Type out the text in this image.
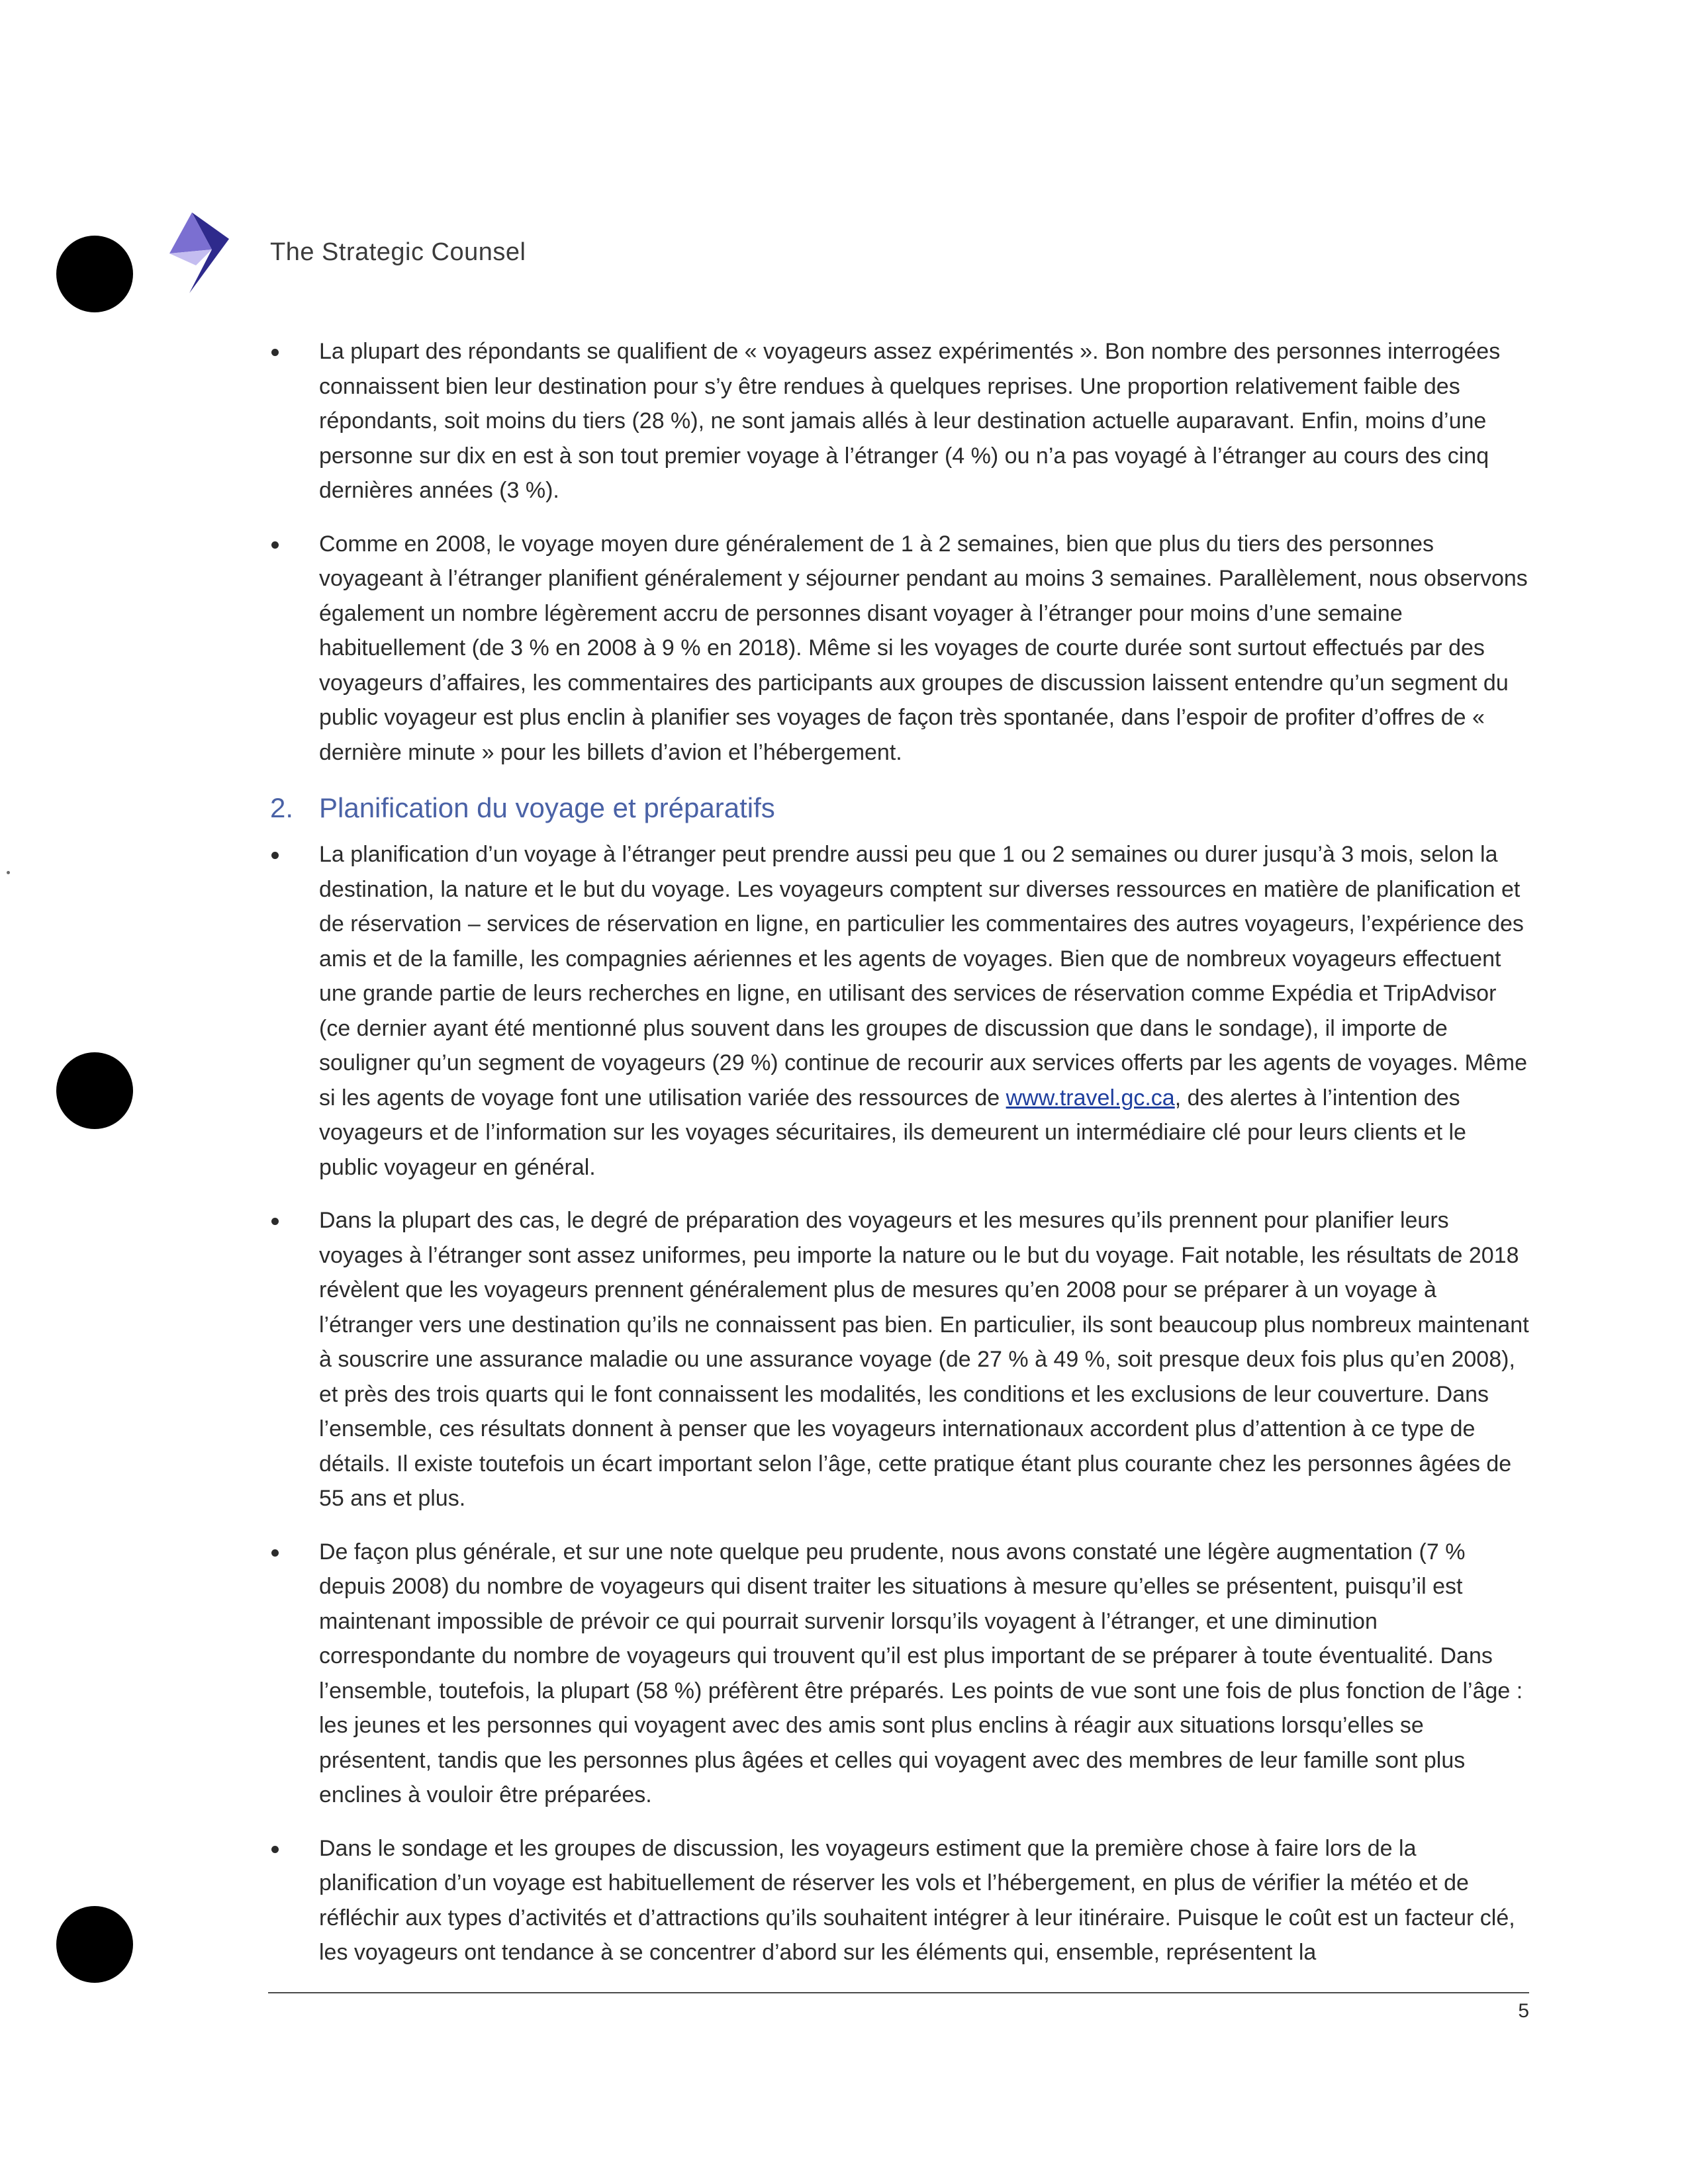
The Strategic Counsel
La plupart des répondants se qualifient de « voyageurs assez expérimentés ». Bon nombre des personnes interrogées connaissent bien leur destination pour s’y être rendues à quelques reprises. Une proportion relativement faible des répondants, soit moins du tiers (28 %), ne sont jamais allés à leur destination actuelle auparavant. Enfin, moins d’une personne sur dix en est à son tout premier voyage à l’étranger (4 %) ou n’a pas voyagé à l’étranger au cours des cinq dernières années (3 %).
Comme en 2008, le voyage moyen dure généralement de 1 à 2 semaines, bien que plus du tiers des personnes voyageant à l’étranger planifient généralement y séjourner pendant au moins 3 semaines. Parallèlement, nous observons également un nombre légèrement accru de personnes disant voyager à l’étranger pour moins d’une semaine habituellement (de 3 % en 2008 à 9 % en 2018). Même si les voyages de courte durée sont surtout effectués par des voyageurs d’affaires, les commentaires des participants aux groupes de discussion laissent entendre qu’un segment du public voyageur est plus enclin à planifier ses voyages de façon très spontanée, dans l’espoir de profiter d’offres de « dernière minute » pour les billets d’avion et l’hébergement.
2. Planification du voyage et préparatifs
La planification d’un voyage à l’étranger peut prendre aussi peu que 1 ou 2 semaines ou durer jusqu’à 3 mois, selon la destination, la nature et le but du voyage. Les voyageurs comptent sur diverses ressources en matière de planification et de réservation – services de réservation en ligne, en particulier les commentaires des autres voyageurs, l’expérience des amis et de la famille, les compagnies aériennes et les agents de voyages. Bien que de nombreux voyageurs effectuent une grande partie de leurs recherches en ligne, en utilisant des services de réservation comme Expédia et TripAdvisor (ce dernier ayant été mentionné plus souvent dans les groupes de discussion que dans le sondage), il importe de souligner qu’un segment de voyageurs (29 %) continue de recourir aux services offerts par les agents de voyages. Même si les agents de voyage font une utilisation variée des ressources de www.travel.gc.ca, des alertes à l’intention des voyageurs et de l’information sur les voyages sécuritaires, ils demeurent un intermédiaire clé pour leurs clients et le public voyageur en général.
Dans la plupart des cas, le degré de préparation des voyageurs et les mesures qu’ils prennent pour planifier leurs voyages à l’étranger sont assez uniformes, peu importe la nature ou le but du voyage. Fait notable, les résultats de 2018 révèlent que les voyageurs prennent généralement plus de mesures qu’en 2008 pour se préparer à un voyage à l’étranger vers une destination qu’ils ne connaissent pas bien. En particulier, ils sont beaucoup plus nombreux maintenant à souscrire une assurance maladie ou une assurance voyage (de 27 % à 49 %, soit presque deux fois plus qu’en 2008), et près des trois quarts qui le font connaissent les modalités, les conditions et les exclusions de leur couverture. Dans l’ensemble, ces résultats donnent à penser que les voyageurs internationaux accordent plus d’attention à ce type de détails. Il existe toutefois un écart important selon l’âge, cette pratique étant plus courante chez les personnes âgées de 55 ans et plus.
De façon plus générale, et sur une note quelque peu prudente, nous avons constaté une légère augmentation (7 % depuis 2008) du nombre de voyageurs qui disent traiter les situations à mesure qu’elles se présentent, puisqu’il est maintenant impossible de prévoir ce qui pourrait survenir lorsqu’ils voyagent à l’étranger, et une diminution correspondante du nombre de voyageurs qui trouvent qu’il est plus important de se préparer à toute éventualité. Dans l’ensemble, toutefois, la plupart (58 %) préfèrent être préparés. Les points de vue sont une fois de plus fonction de l’âge : les jeunes et les personnes qui voyagent avec des amis sont plus enclins à réagir aux situations lorsqu’elles se présentent, tandis que les personnes plus âgées et celles qui voyagent avec des membres de leur famille sont plus enclines à vouloir être préparées.
Dans le sondage et les groupes de discussion, les voyageurs estiment que la première chose à faire lors de la planification d’un voyage est habituellement de réserver les vols et l’hébergement, en plus de vérifier la météo et de réfléchir aux types d’activités et d’attractions qu’ils souhaitent intégrer à leur itinéraire. Puisque le coût est un facteur clé, les voyageurs ont tendance à se concentrer d’abord sur les éléments qui, ensemble, représentent la
5
